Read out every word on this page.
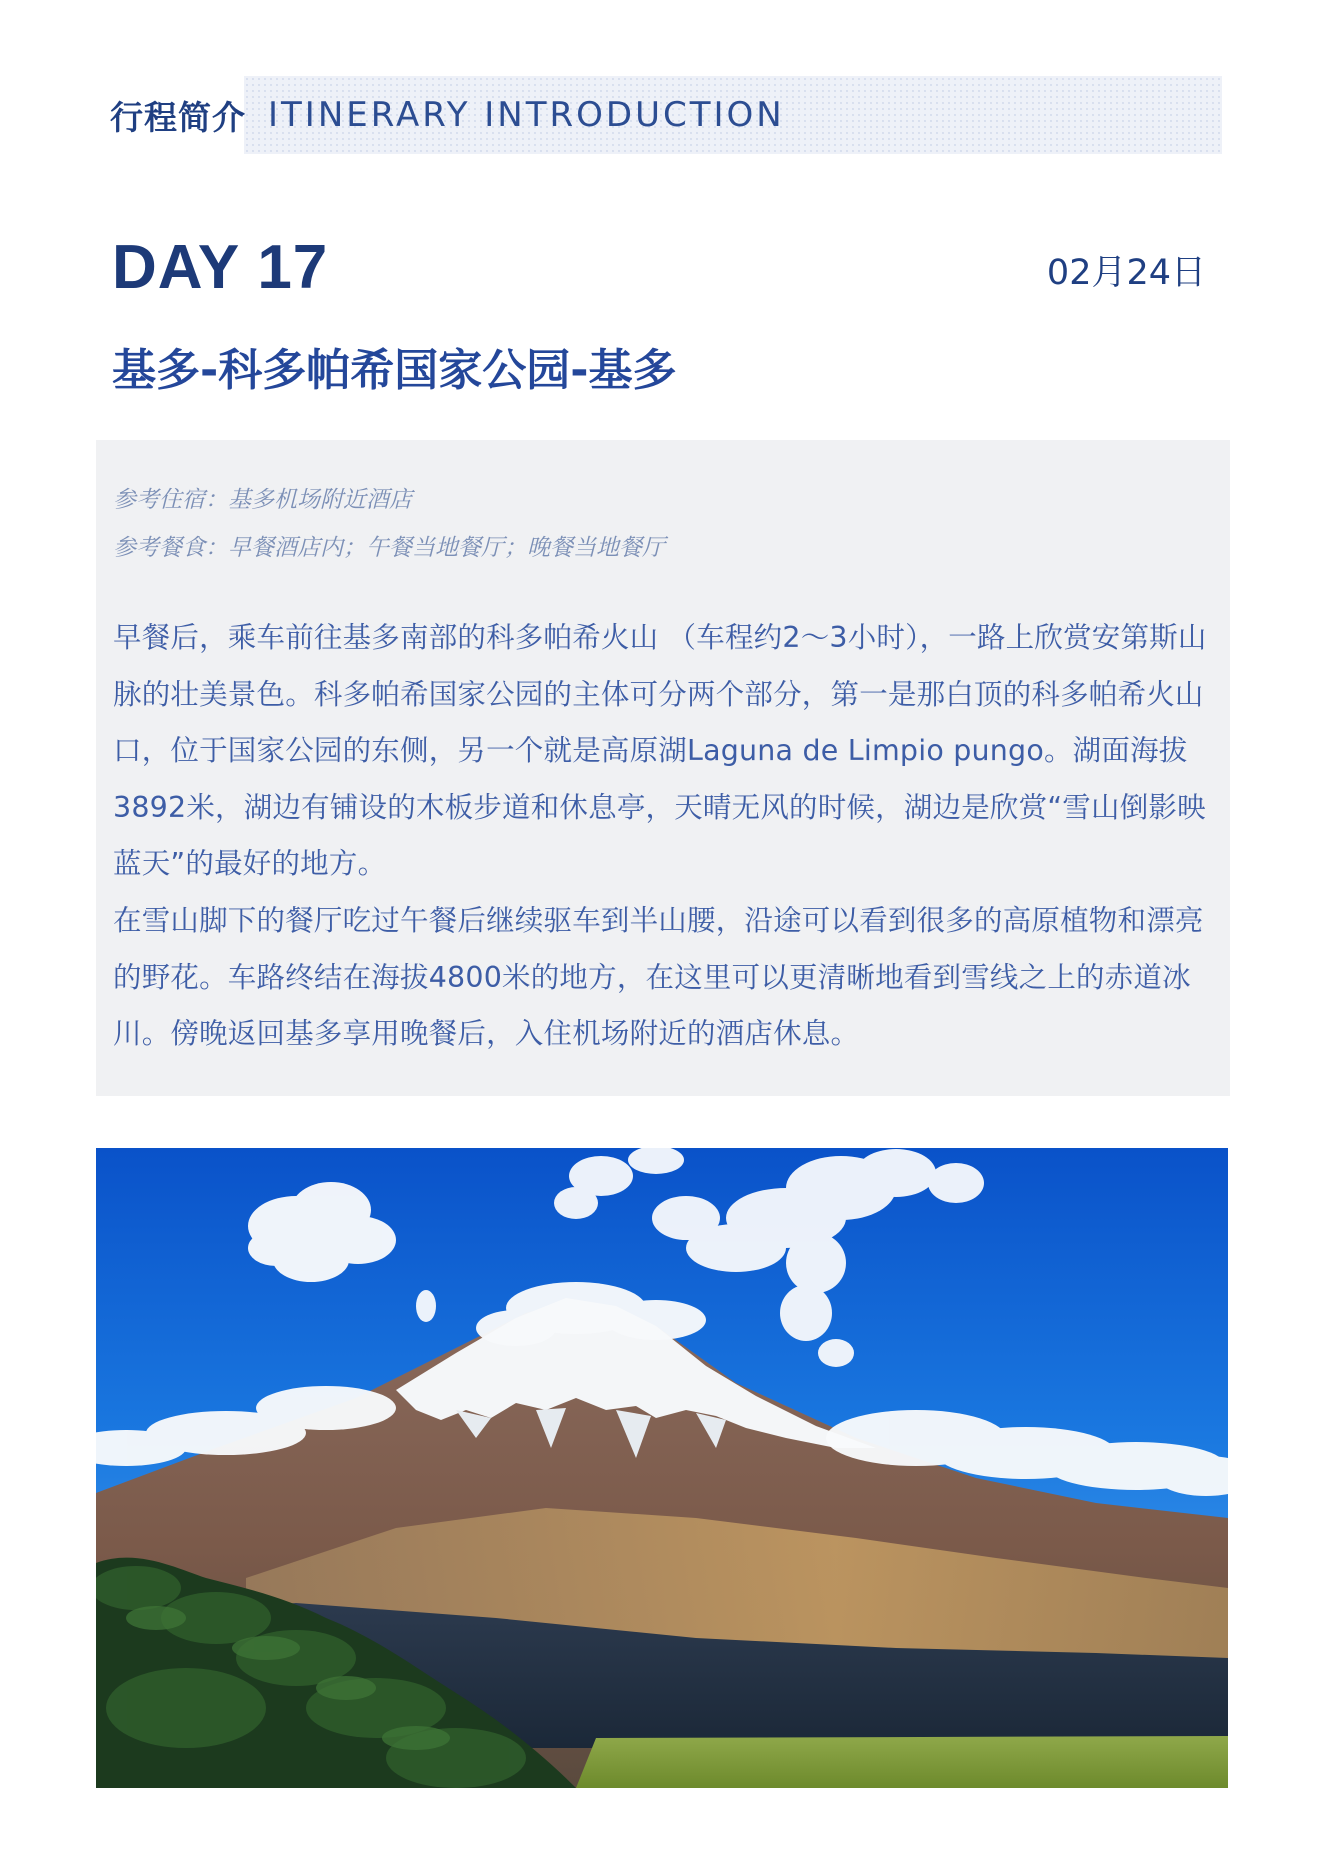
行程简介 ITINERARY INTRODUCTION
DAY 17	02月24日
基多-科多帕希国家公园-基多
参考住宿：基多机场附近酒店
参考餐食：早餐酒店内；午餐当地餐厅；晚餐当地餐厅

早餐后，乘车前往基多南部的科多帕希火山 （车程约2～3小时），一路上欣赏安第斯山脉的壮美景色。科多帕希国家公园的主体可分两个部分，第一是那白顶的科多帕希火山口，位于国家公园的东侧，另一个就是高原湖Laguna de Limpio pungo。湖面海拔3892米，湖边有铺设的木板步道和休息亭，天晴无风的时候，湖边是欣赏“雪山倒影映蓝天”的最好的地方。

在雪山脚下的餐厅吃过午餐后继续驱车到半山腰，沿途可以看到很多的高原植物和漂亮的野花。车路终结在海拔4800米的地方，在这里可以更清晰地看到雪线之上的赤道冰川。傍晚返回基多享用晚餐后，入住机场附近的酒店休息。
